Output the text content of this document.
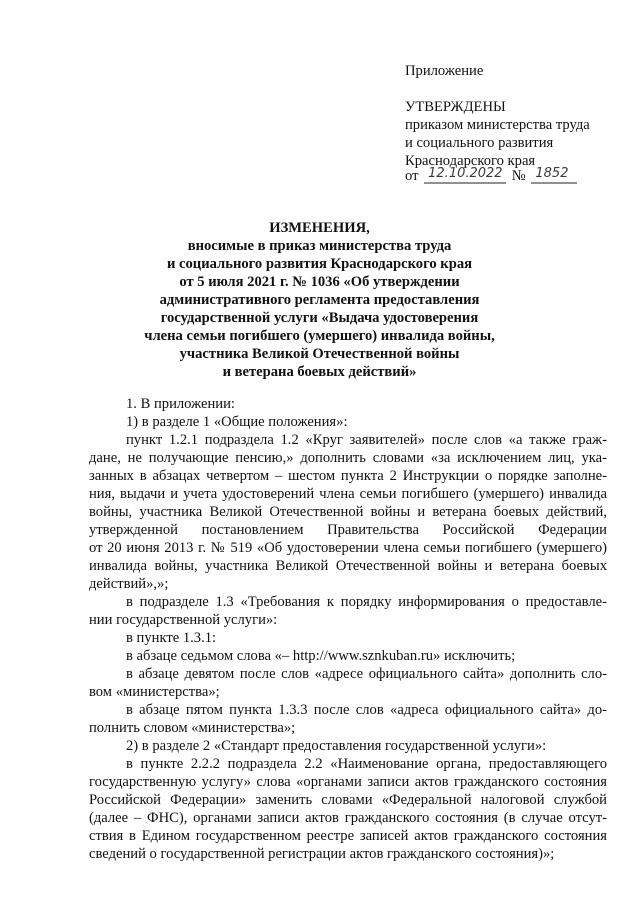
Приложение
УТВЕРЖДЕНЫ
приказом министерства труда
и социального развития
Краснодарского края
от 12.10.2022 № 1852
ИЗМЕНЕНИЯ,
вносимые в приказ министерства труда
и социального развития Краснодарского края
от 5 июля 2021 г. № 1036 «Об утверждении
административного регламента предоставления
государственной услуги «Выдача удостоверения
члена семьи погибшего (умершего) инвалида войны,
участника Великой Отечественной войны
и ветерана боевых действий»
1. В приложении:
1) в разделе 1 «Общие положения»:
пункт 1.2.1 подраздела 1.2 «Круг заявителей» после слов «а также граж-
дане, не получающие пенсию,» дополнить словами «за исключением лиц, ука-
занных в абзацах четвертом – шестом пункта 2 Инструкции о порядке заполне-
ния, выдачи и учета удостоверений члена семьи погибшего (умершего) инвалида
войны, участника Великой Отечественной войны и ветерана боевых действий,
утвержденной постановлением Правительства Российской Федерации
от 20 июня 2013 г. № 519 «Об удостоверении члена семьи погибшего (умершего)
инвалида войны, участника Великой Отечественной войны и ветерана боевых
действий»,»;
в подразделе 1.3 «Требования к порядку информирования о предоставле-
нии государственной услуги»:
в пункте 1.3.1:
в абзаце седьмом слова «– http://www.sznkuban.ru» исключить;
в абзаце девятом после слов «адресе официального сайта» дополнить сло-
вом «министерства»;
в абзаце пятом пункта 1.3.3 после слов «адреса официального сайта» до-
полнить словом «министерства»;
2) в разделе 2 «Стандарт предоставления государственной услуги»:
в пункте 2.2.2 подраздела 2.2 «Наименование органа, предоставляющего
государственную услугу» слова «органами записи актов гражданского состояния
Российской Федерации» заменить словами «Федеральной налоговой службой
(далее – ФНС), органами записи актов гражданского состояния (в случае отсут-
ствия в Едином государственном реестре записей актов гражданского состояния
сведений о государственной регистрации актов гражданского состояния)»;
